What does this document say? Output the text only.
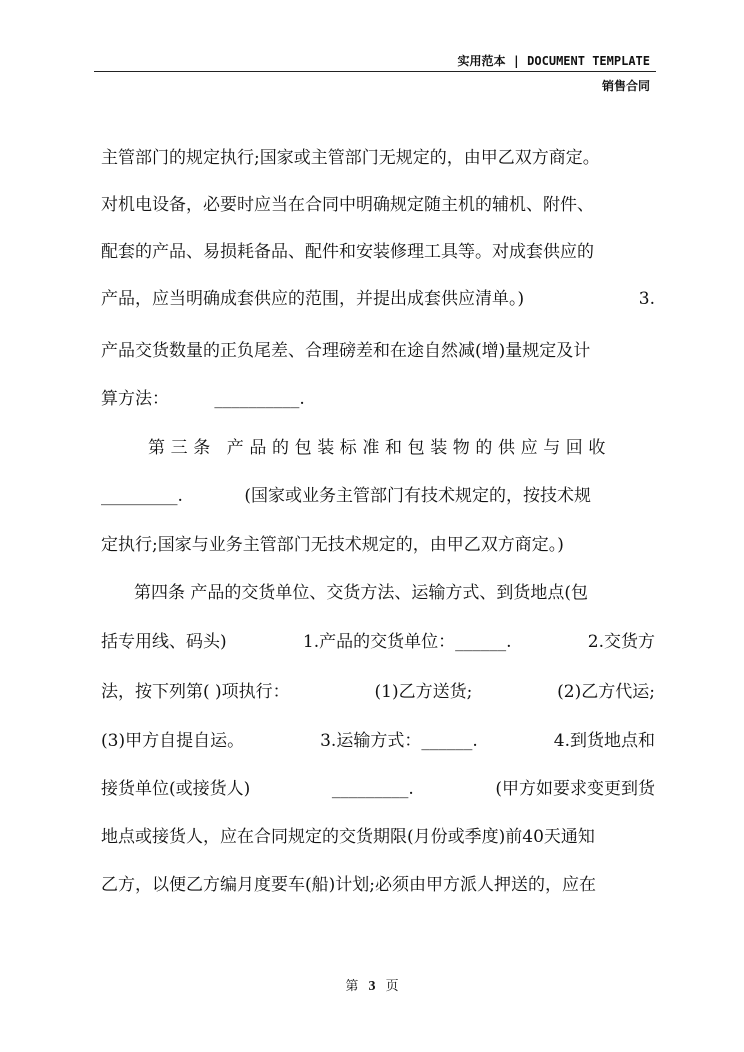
实用范本 | DOCUMENT TEMPLATE
销售合同
主管部门的规定执行;国家或主管部门无规定的，由甲乙双方商定。
对机电设备，必要时应当在合同中明确规定随主机的辅机、附件、
配套的产品、易损耗备品、配件和安装修理工具等。对成套供应的
产品，应当明确成套供应的范围，并提出成套供应清单。)	3.
产品交货数量的正负尾差、合理磅差和在途自然减(增)量规定及计
算方法：	__________.
第三条 产品的包装标准和包装物的供应与回收
_________.	(国家或业务主管部门有技术规定的，按技术规
定执行;国家与业务主管部门无技术规定的，由甲乙双方商定。)
第四条 产品的交货单位、交货方法、运输方式、到货地点(包
括专用线、码头)	1.产品的交货单位：______.	2.交货方
法，按下列第( )项执行：	(1)乙方送货;	(2)乙方代运;
(3)甲方自提自运。	3.运输方式：______.	4.到货地点和
接货单位(或接货人)	_________.	(甲方如要求变更到货
地点或接货人，应在合同规定的交货期限(月份或季度)前40天通知
乙方，以便乙方编月度要车(船)计划;必须由甲方派人押送的，应在
第 3 页
